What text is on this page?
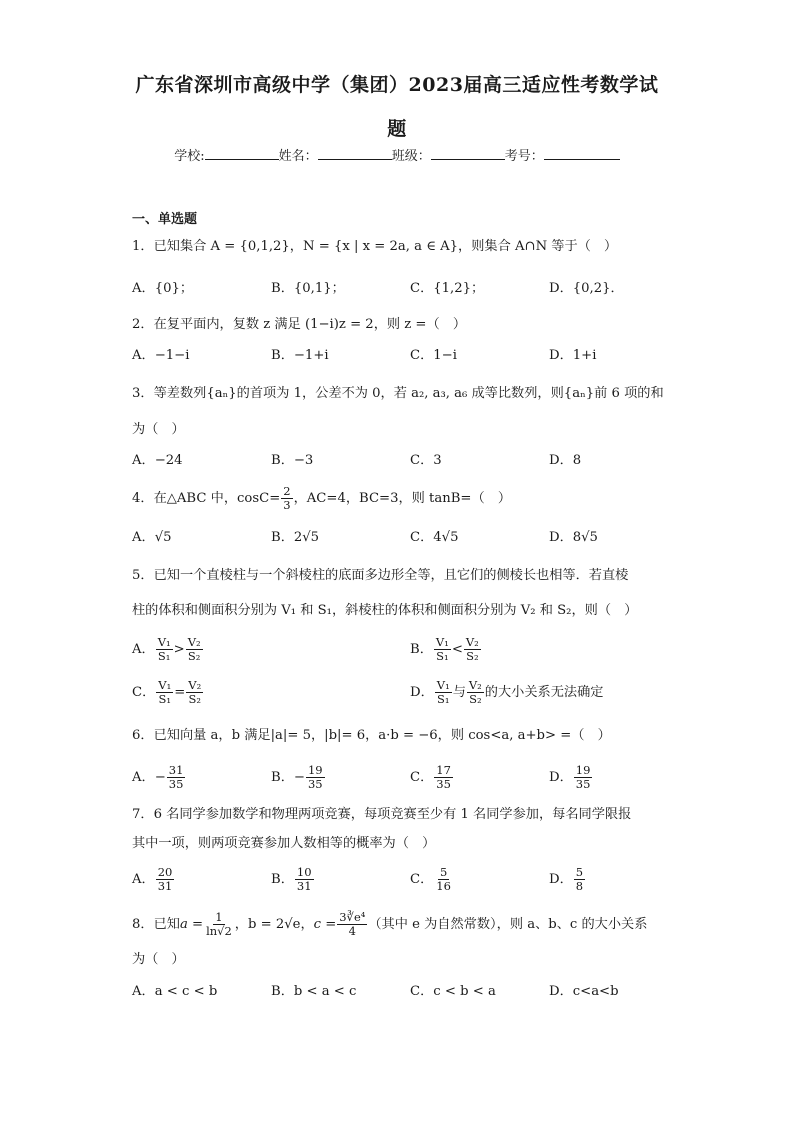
广东省深圳市高级中学（集团）2023届高三适应性考数学试
题
学校:	姓名：	班级：	考号：
一、单选题
1．已知集合 A = {0,1,2}，N = {x | x = 2a, a ∈ A}，则集合 A∩N 等于（　）
A．{0}；	B．{0,1}；	C．{1,2}；	D．{0,2}．
2．在复平面内，复数 z 满足 (1−i)z = 2，则 z =（　）
A．−1−i	B．−1+i	C．1−i	D．1+i
3．等差数列{aₙ}的首项为 1，公差不为 0，若 a₂, a₃, a₆ 成等比数列，则{aₙ}前 6 项的和
为（　）
A．−24	B．−3	C．3	D．8
4．在△ABC 中，$\cos C= \frac{2}{3}$ ，AC=4，BC=3，则 tanB=（　）
A．√5	B．2√5	C．4√5	D．8√5
5．已知一个直棱柱与一个斜棱柱的底面多边形全等，且它们的侧棱长也相等．若直棱
柱的体积和侧面积分别为 V₁ 和 S₁，斜棱柱的体积和侧面积分别为 V₂ 和 S₂，则（　）
A． $\frac{\text{V₁}}{\text{S₁}} > \frac{\text{V₂}}{\text{S₂}}$	B． $\frac{\text{V₁}}{\text{S₁}} < \frac{\text{V₂}}{\text{S₂}}$
C． $\frac{\text{V₁}}{\text{S₁}} = \frac{\text{V₂}}{\text{S₂}}$	D． $\frac{\text{V₁}}{\text{S₁}}$ 与 $\frac{\text{V₂}}{\text{S₂}}$ 的大小关系无法确定
6．已知向量 a，b 满足|a|= 5，|b|= 6，a·b = −6，则 cos<a, a+b> =（　）
A．− $\frac{31}{35}$	B．− $\frac{19}{35}$	C． $\frac{17}{35}$	D． $\frac{19}{35}$
7．6 名同学参加数学和物理两项竞赛，每项竞赛至少有 1 名同学参加，每名同学限报
其中一项，则两项竞赛参加人数相等的概率为（　）
A． $\frac{20}{31}$	B． $\frac{10}{31}$	C． $\frac{5}{16}$	D． $\frac{5}{8}$
8．已知$a = \frac{1}{\ln√2}$ ，b = 2√e，$c = \frac{\text{3∛e⁴}}{4}$ （其中 e 为自然常数），则 a、b、c 的大小关系
为（　）
A．a < c < b	B．b < a < c	C．c < b < a	D．c<a<b
